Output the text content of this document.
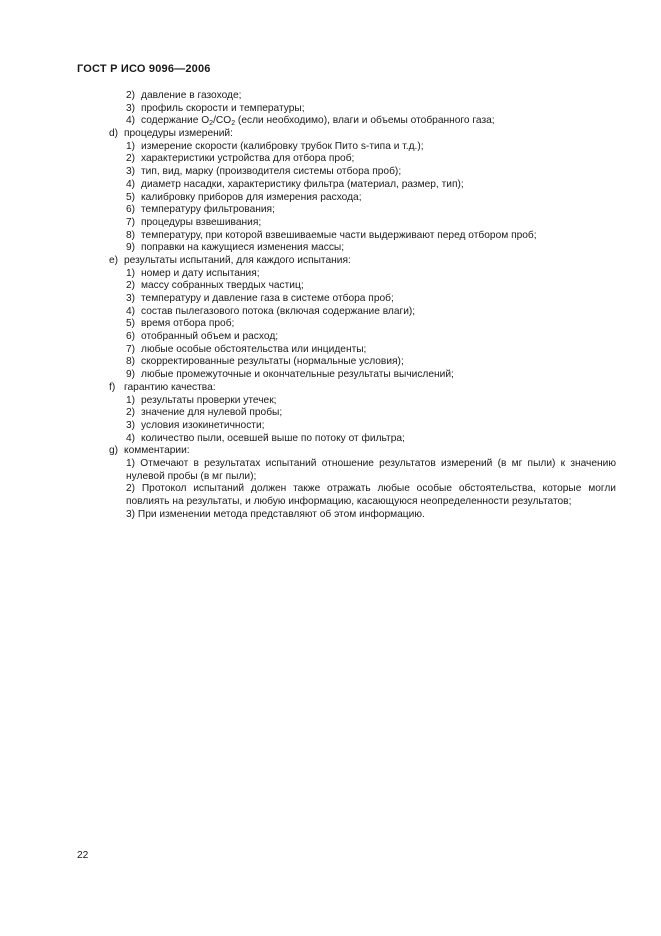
ГОСТ Р ИСО 9096—2006
2) давление в газоходе;
3) профиль скорости и температуры;
4) содержание $O_2/CO_2$ (если необходимо), влаги и объемы отобранного газа;
d) процедуры измерений:
1) измерение скорости (калибровку трубок Пито s-типа и т.д.);
2) характеристики устройства для отбора проб;
3) тип, вид, марку (производителя системы отбора проб);
4) диаметр насадки, характеристику фильтра (материал, размер, тип);
5) калибровку приборов для измерения расхода;
6) температуру фильтрования;
7) процедуры взвешивания;
8) температуру, при которой взвешиваемые части выдерживают перед отбором проб;
9) поправки на кажущиеся изменения массы;
e) результаты испытаний, для каждого испытания:
1) номер и дату испытания;
2) массу собранных твердых частиц;
3) температуру и давление газа в системе отбора проб;
4) состав пылегазового потока (включая содержание влаги);
5) время отбора проб;
6) отобранный объем и расход;
7) любые особые обстоятельства или инциденты;
8) скорректированные результаты (нормальные условия);
9) любые промежуточные и окончательные результаты вычислений;
f) гарантию качества:
1) результаты проверки утечек;
2) значение для нулевой пробы;
3) условия изокинетичности;
4) количество пыли, осевшей выше по потоку от фильтра;
g) комментарии:
1) Отмечают в результатах испытаний отношение результатов измерений (в мг пыли) к значению нулевой пробы (в мг пыли);
2) Протокол испытаний должен также отражать любые особые обстоятельства, которые могли повлиять на результаты, и любую информацию, касающуюся неопределенности результатов;
3) При изменении метода представляют об этом информацию.
22
